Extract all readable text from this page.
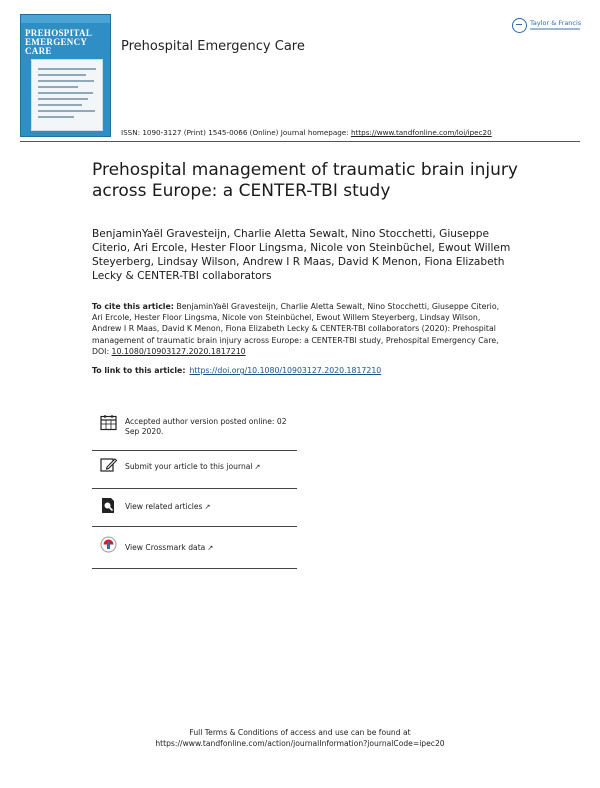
PREHOSPITAL
EMERGENCY CARE	Prehospital Emergency Care
Taylor & Francis
ISSN: 1090-3127 (Print) 1545-0066 (Online) Journal homepage: https://www.tandfonline.com/loi/ipec20
Prehospital management of traumatic brain injury across Europe: a CENTER-TBI study
BenjaminYaël Gravesteijn, Charlie Aletta Sewalt, Nino Stocchetti, Giuseppe Citerio, Ari Ercole, Hester Floor Lingsma, Nicole von Steinbüchel, Ewout Willem Steyerberg, Lindsay Wilson, Andrew I R Maas, David K Menon, Fiona Elizabeth Lecky & CENTER-TBI collaborators
To cite this article: BenjaminYaël Gravesteijn, Charlie Aletta Sewalt, Nino Stocchetti, Giuseppe Citerio, Ari Ercole, Hester Floor Lingsma, Nicole von Steinbüchel, Ewout Willem Steyerberg, Lindsay Wilson, Andrew I R Maas, David K Menon, Fiona Elizabeth Lecky & CENTER-TBI collaborators (2020): Prehospital management of traumatic brain injury across Europe: a CENTER-TBI study, Prehospital Emergency Care, DOI: 10.1080/10903127.2020.1817210
To link to this article: https://doi.org/10.1080/10903127.2020.1817210
Accepted author version posted online: 02 Sep 2020.
Submit your article to this journal ↗
View related articles ↗
View Crossmark data ↗
Full Terms & Conditions of access and use can be found at
https://www.tandfonline.com/action/journalInformation?journalCode=ipec20
